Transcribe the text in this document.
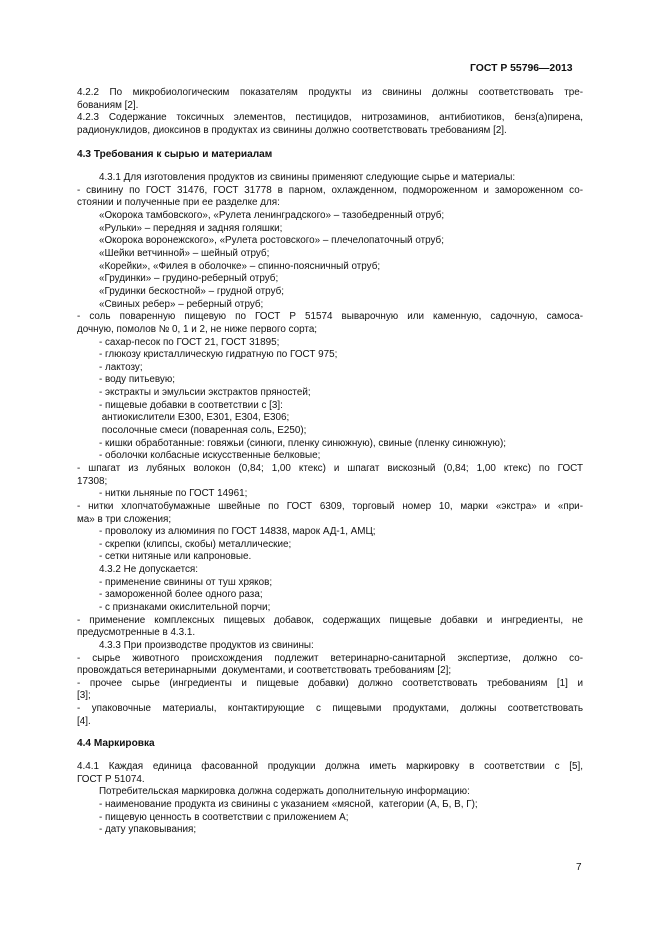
ГОСТ Р 55796—2013
4.2.2 По микробиологическим показателям продукты из свинины должны соответствовать тре-
бованиям [2].
4.2.3 Содержание токсичных элементов, пестицидов, нитрозаминов, антибиотиков, бенз(а)пирена,
радионуклидов, диоксинов в продуктах из свинины должно соответствовать требованиям [2].
4.3 Требования к сырью и материалам
4.3.1 Для изготовления продуктов из свинины применяют следующие сырье и материалы:
- свинину по ГОСТ 31476, ГОСТ 31778 в парном, охлажденном, подмороженном и замороженном со-
стоянии и полученные при ее разделке для:
«Окорока тамбовского», «Рулета ленинградского» – тазобедренный отруб;
«Рульки» – передняя и задняя голяшки;
«Окорока воронежского», «Рулета ростовского» – плечелопаточный отруб;
«Шейки ветчинной» – шейный отруб;
«Корейки», «Филея в оболочке» – спинно-поясничный отруб;
«Грудинки» – грудино-реберный отруб;
«Грудинки бескостной» – грудной отруб;
«Свиных ребер» – реберный отруб;
- соль поваренную пищевую по ГОСТ Р 51574 выварочную или каменную, садочную, самоса-
дочную, помолов № 0, 1 и 2, не ниже первого сорта;
- сахар-песок по ГОСТ 21, ГОСТ 31895;
- глюкозу кристаллическую гидратную по ГОСТ 975;
- лактозу;
- воду питьевую;
- экстракты и эмульсии экстрактов пряностей;
- пищевые добавки в соответствии с [3]:
антиокислители Е300, Е301, Е304, Е306;
посолочные смеси (поваренная соль, Е250);
- кишки обработанные: говяжьи (синюги, пленку синюжную), свиные (пленку синюжную);
- оболочки колбасные искусственные белковые;
- шпагат из лубяных волокон (0,84; 1,00 ктекс) и шпагат вискозный (0,84; 1,00 ктекс) по ГОСТ
17308;
- нитки льняные по ГОСТ 14961;
- нитки хлопчатобумажные швейные по ГОСТ 6309, торговый номер 10, марки «экстра» и «при-
ма» в три сложения;
- проволоку из алюминия по ГОСТ 14838, марок АД-1, АМЦ;
- скрепки (клипсы, скобы) металлические;
- сетки нитяные или капроновые.
4.3.2 Не допускается:
- применение свинины от туш хряков;
- замороженной более одного раза;
- с признаками окислительной порчи;
- применение комплексных пищевых добавок, содержащих пищевые добавки и ингредиенты, не
предусмотренные в 4.3.1.
4.3.3 При производстве продуктов из свинины:
- сырье животного происхождения подлежит ветеринарно-санитарной экспертизе, должно со-
провождаться ветеринарными  документами, и соответствовать требованиям [2];
- прочее сырье (ингредиенты и пищевые добавки) должно соответствовать требованиям [1] и
[3];
- упаковочные материалы, контактирующие с пищевыми продуктами, должны соответствовать
[4].
4.4 Маркировка
4.4.1 Каждая единица фасованной продукции должна иметь маркировку в соответствии с [5],
ГОСТ Р 51074.
Потребительская маркировка должна содержать дополнительную информацию:
- наименование продукта из свинины с указанием «мясной,  категории (А, Б, В, Г);
- пищевую ценность в соответствии с приложением А;
- дату упаковывания;
7
